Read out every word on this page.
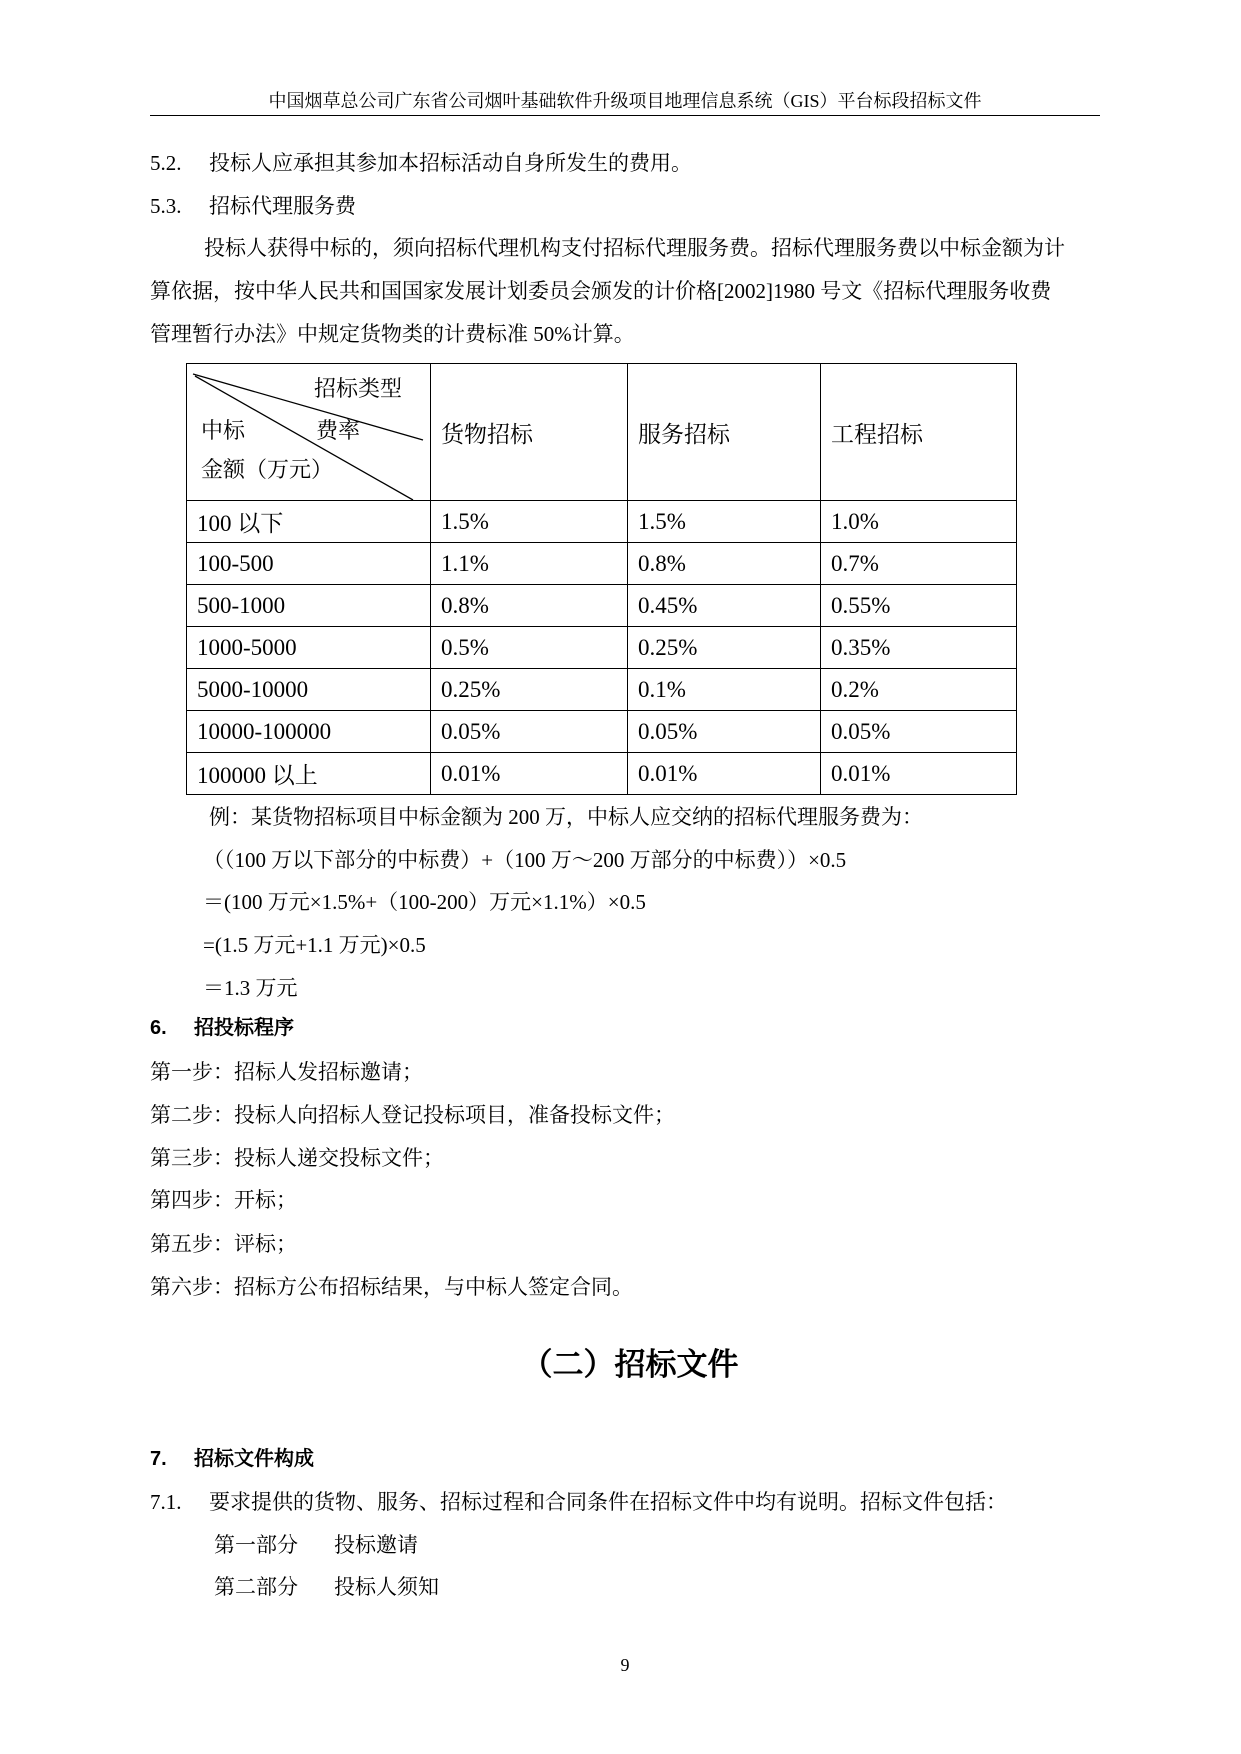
中国烟草总公司广东省公司烟叶基础软件升级项目地理信息系统（GIS）平台标段招标文件
5.2. 投标人应承担其参加本招标活动自身所发生的费用。
5.3. 招标代理服务费
投标人获得中标的，须向招标代理机构支付招标代理服务费。招标代理服务费以中标金额为计
算依据，按中华人民共和国国家发展计划委员会颁发的计价格[2002]1980 号文《招标代理服务收费
管理暂行办法》中规定货物类的计费标准 50%计算。
招标类型
中标 费率
金额（万元）	货物招标	服务招标	工程招标
100 以下	1.5%	1.5%	1.0%
100-500	1.1%	0.8%	0.7%
500-1000	0.8%	0.45%	0.55%
1000-5000	0.5%	0.25%	0.35%
5000-10000	0.25%	0.1%	0.2%
10000-100000	0.05%	0.05%	0.05%
100000 以上	0.01%	0.01%	0.01%
例：某货物招标项目中标金额为 200 万，中标人应交纳的招标代理服务费为：
（（100 万以下部分的中标费）+（100 万～200 万部分的中标费））×0.5
＝(100 万元×1.5%+（100-200）万元×1.1%）×0.5
=(1.5 万元+1.1 万元)×0.5
＝1.3 万元
6. 招投标程序
第一步：招标人发招标邀请；
第二步：投标人向招标人登记投标项目，准备投标文件；
第三步：投标人递交投标文件；
第四步：开标；
第五步：评标；
第六步：招标方公布招标结果，与中标人签定合同。
（二）招标文件
7. 招标文件构成
7.1. 要求提供的货物、服务、招标过程和合同条件在招标文件中均有说明。招标文件包括：
第一部分 投标邀请
第二部分 投标人须知
9
